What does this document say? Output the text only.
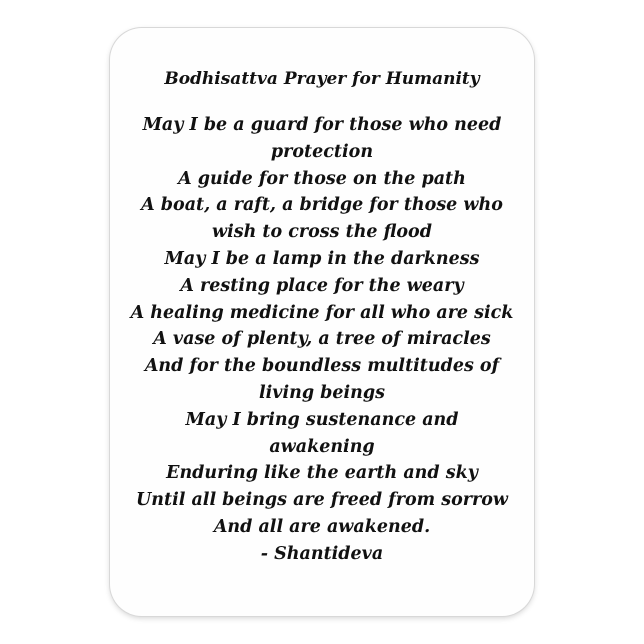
Bodhisattva Prayer for Humanity
May I be a guard for those who need
protection
A guide for those on the path
A boat, a raft, a bridge for those who
wish to cross the flood
May I be a lamp in the darkness
A resting place for the weary
A healing medicine for all who are sick
A vase of plenty, a tree of miracles
And for the boundless multitudes of
living beings
May I bring sustenance and
awakening
Enduring like the earth and sky
Until all beings are freed from sorrow
And all are awakened.
- Shantideva
